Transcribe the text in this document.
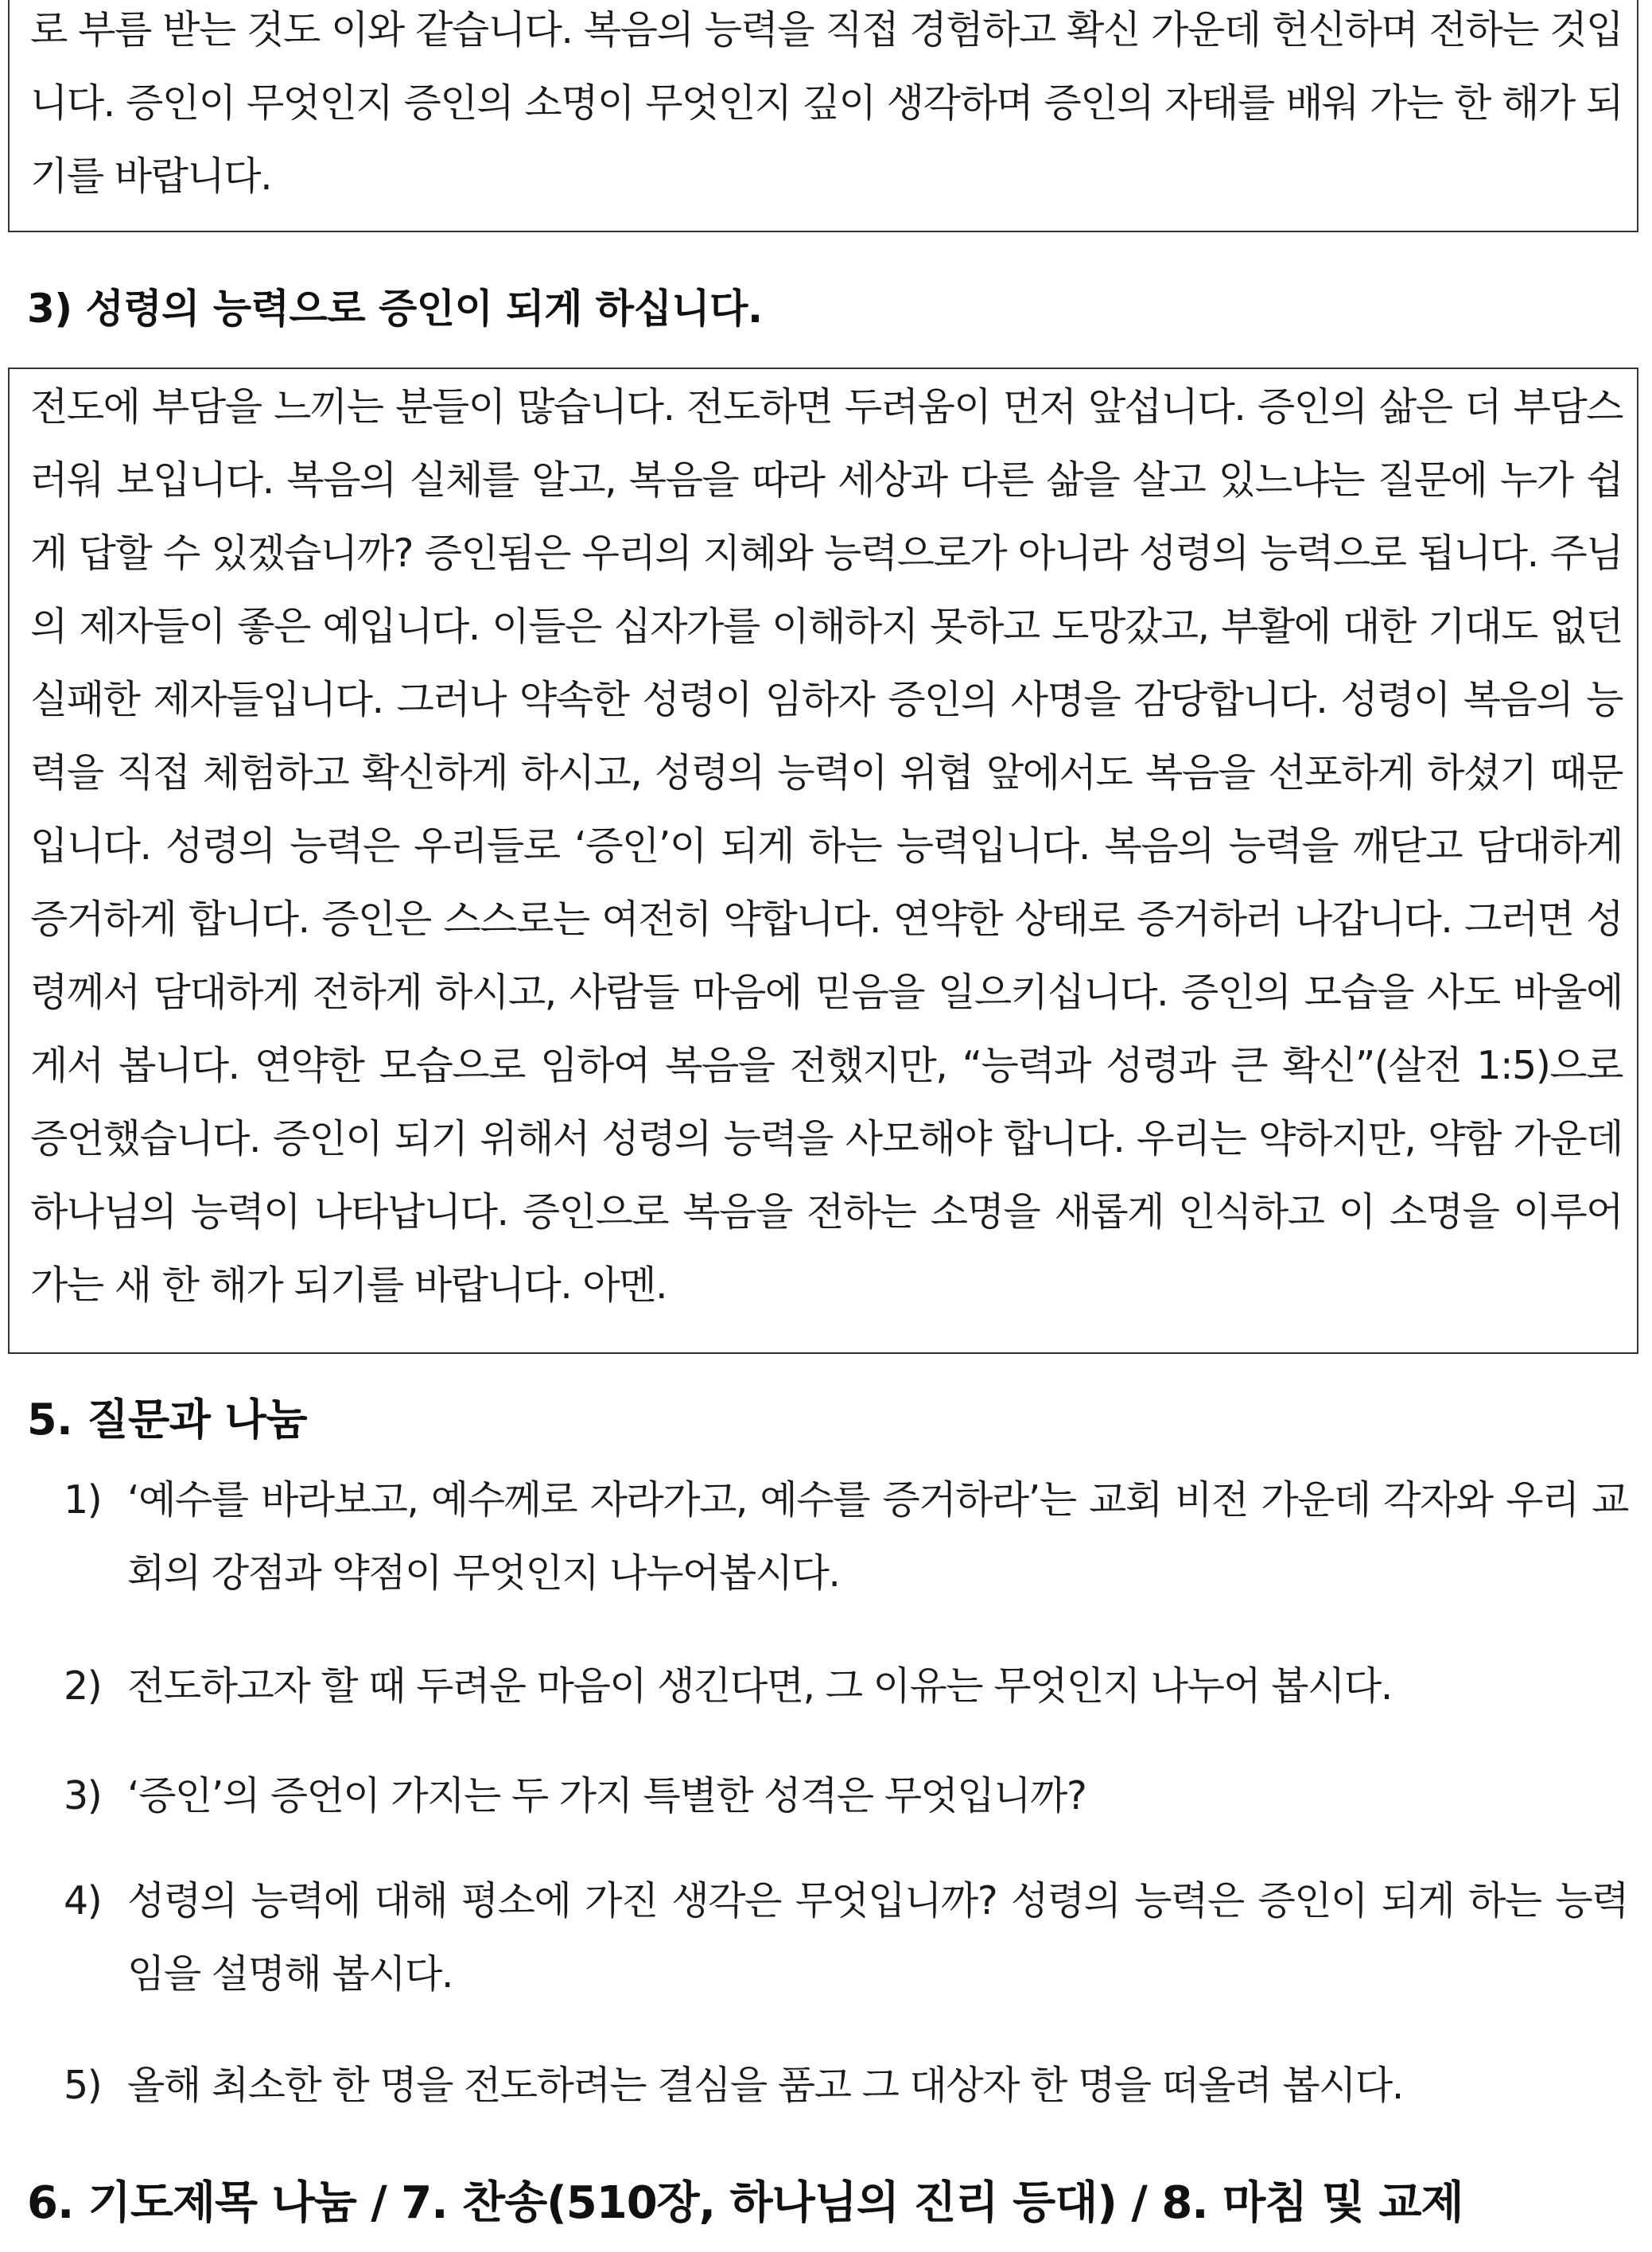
로 부름 받는 것도 이와 같습니다. 복음의 능력을 직접 경험하고 확신 가운데 헌신하며 전하는 것입니다. 증인이 무엇인지 증인의 소명이 무엇인지 깊이 생각하며 증인의 자태를 배워 가는 한 해가 되기를 바랍니다.

3) 성령의 능력으로 증인이 되게 하십니다.

전도에 부담을 느끼는 분들이 많습니다. 전도하면 두려움이 먼저 앞섭니다. 증인의 삶은 더 부담스러워 보입니다. 복음의 실체를 알고, 복음을 따라 세상과 다른 삶을 살고 있느냐는 질문에 누가 쉽게 답할 수 있겠습니까? 증인됨은 우리의 지혜와 능력으로가 아니라 성령의 능력으로 됩니다. 주님의 제자들이 좋은 예입니다. 이들은 십자가를 이해하지 못하고 도망갔고, 부활에 대한 기대도 없던 실패한 제자들입니다. 그러나 약속한 성령이 임하자 증인의 사명을 감당합니다. 성령이 복음의 능력을 직접 체험하고 확신하게 하시고, 성령의 능력이 위협 앞에서도 복음을 선포하게 하셨기 때문입니다. 성령의 능력은 우리들로 ‘증인’이 되게 하는 능력입니다. 복음의 능력을 깨닫고 담대하게 증거하게 합니다. 증인은 스스로는 여전히 약합니다. 연약한 상태로 증거하러 나갑니다. 그러면 성령께서 담대하게 전하게 하시고, 사람들 마음에 믿음을 일으키십니다. 증인의 모습을 사도 바울에게서 봅니다. 연약한 모습으로 임하여 복음을 전했지만, “능력과 성령과 큰 확신”(살전 1:5)으로 증언했습니다. 증인이 되기 위해서 성령의 능력을 사모해야 합니다. 우리는 약하지만, 약함 가운데 하나님의 능력이 나타납니다. 증인으로 복음을 전하는 소명을 새롭게 인식하고 이 소명을 이루어가는 새 한 해가 되기를 바랍니다. 아멘.

5. 질문과 나눔
1) ‘예수를 바라보고, 예수께로 자라가고, 예수를 증거하라’는 교회 비전 가운데 각자와 우리 교회의 강점과 약점이 무엇인지 나누어봅시다.
2) 전도하고자 할 때 두려운 마음이 생긴다면, 그 이유는 무엇인지 나누어 봅시다.
3) ‘증인’의 증언이 가지는 두 가지 특별한 성격은 무엇입니까?
4) 성령의 능력에 대해 평소에 가진 생각은 무엇입니까? 성령의 능력은 증인이 되게 하는 능력임을 설명해 봅시다.
5) 올해 최소한 한 명을 전도하려는 결심을 품고 그 대상자 한 명을 떠올려 봅시다.
6. 기도제목 나눔 / 7. 찬송(510장, 하나님의 진리 등대) / 8. 마침 및 교제
